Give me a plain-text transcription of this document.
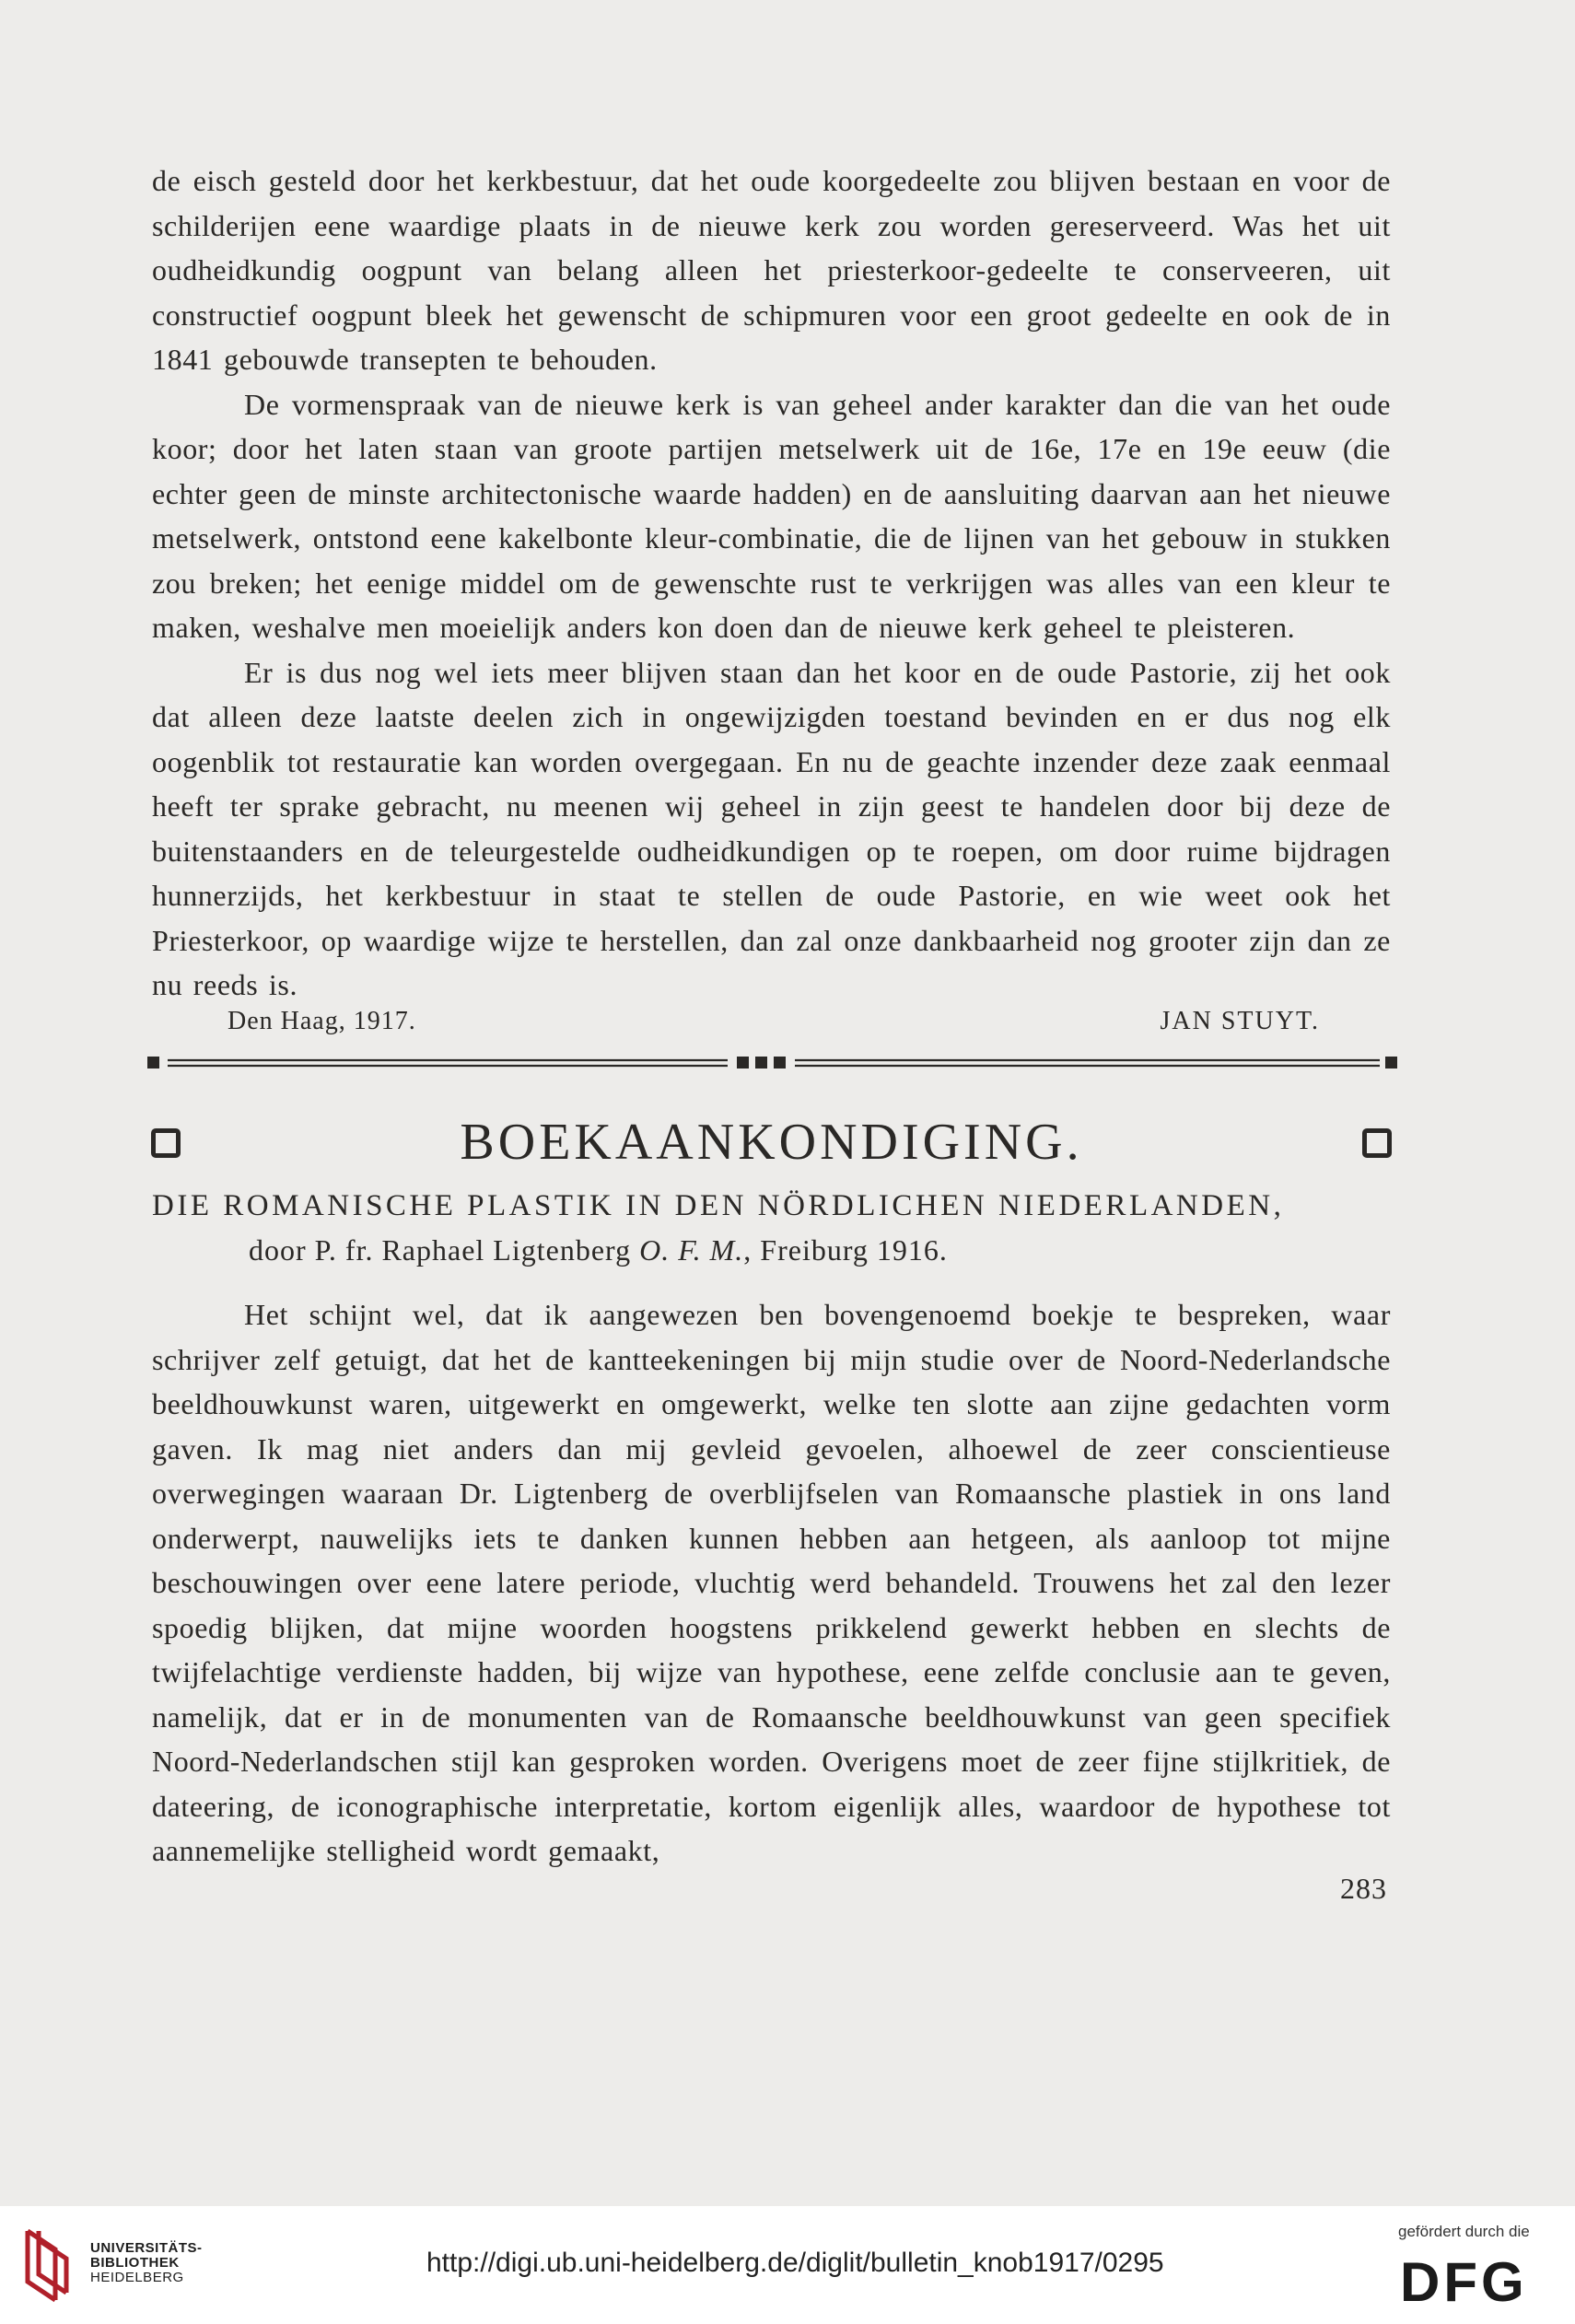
de eisch gesteld door het kerkbestuur, dat het oude koorgedeelte zou blijven bestaan en voor de schilderijen eene waardige plaats in de nieuwe kerk zou worden gereserveerd. Was het uit oudheidkundig oogpunt van belang alleen het priesterkoor-gedeelte te conserveeren, uit constructief oogpunt bleek het gewenscht de schipmuren voor een groot gedeelte en ook de in 1841 gebouwde transepten te behouden.

De vormenspraak van de nieuwe kerk is van geheel ander karakter dan die van het oude koor; door het laten staan van groote partijen metselwerk uit de 16e, 17e en 19e eeuw (die echter geen de minste architectonische waarde hadden) en de aansluiting daarvan aan het nieuwe metselwerk, ontstond eene kakelbonte kleur-combinatie, die de lijnen van het gebouw in stukken zou breken; het eenige middel om de gewenschte rust te verkrijgen was alles van een kleur te maken, weshalve men moeielijk anders kon doen dan de nieuwe kerk geheel te pleisteren.

Er is dus nog wel iets meer blijven staan dan het koor en de oude Pastorie, zij het ook dat alleen deze laatste deelen zich in ongewijzigden toestand bevinden en er dus nog elk oogenblik tot restauratie kan worden overgegaan. En nu de geachte inzender deze zaak eenmaal heeft ter sprake gebracht, nu meenen wij geheel in zijn geest te handelen door bij deze de buitenstaanders en de teleurgestelde oudheidkundigen op te roepen, om door ruime bijdragen hunnerzijds, het kerkbestuur in staat te stellen de oude Pastorie, en wie weet ook het Priesterkoor, op waardige wijze te herstellen, dan zal onze dankbaarheid nog grooter zijn dan ze nu reeds is.

Den Haag, 1917.	JAN STUYT.
BOEKAANKONDIGING.
DIE ROMANISCHE PLASTIK IN DEN NÖRDLICHEN NIEDERLANDEN,
door P. fr. Raphael Ligtenberg O. F. M., Freiburg 1916.

Het schijnt wel, dat ik aangewezen ben bovengenoemd boekje te bespreken, waar schrijver zelf getuigt, dat het de kantteekeningen bij mijn studie over de Noord-Nederlandsche beeldhouwkunst waren, uitgewerkt en omgewerkt, welke ten slotte aan zijne gedachten vorm gaven. Ik mag niet anders dan mij gevleid gevoelen, alhoewel de zeer conscientieuse overwegingen waaraan Dr. Ligtenberg de overblijfselen van Romaansche plastiek in ons land onderwerpt, nauwelijks iets te danken kunnen hebben aan hetgeen, als aanloop tot mijne beschouwingen over eene latere periode, vluchtig werd behandeld. Trouwens het zal den lezer spoedig blijken, dat mijne woorden hoogstens prikkelend gewerkt hebben en slechts de twijfelachtige verdienste hadden, bij wijze van hypothese, eene zelfde conclusie aan te geven, namelijk, dat er in de monumenten van de Romaansche beeldhouwkunst van geen specifiek Noord-Nederlandschen stijl kan gesproken worden. Overigens moet de zeer fijne stijlkritiek, de dateering, de iconographische interpretatie, kortom eigenlijk alles, waardoor de hypothese tot aannemelijke stelligheid wordt gemaakt,

283
UNIVERSITÄTS-
BIBLIOTHEK
HEIDELBERG	http://digi.ub.uni-heidelberg.de/diglit/bulletin_knob1917/0295
gefördert durch die
DFG
